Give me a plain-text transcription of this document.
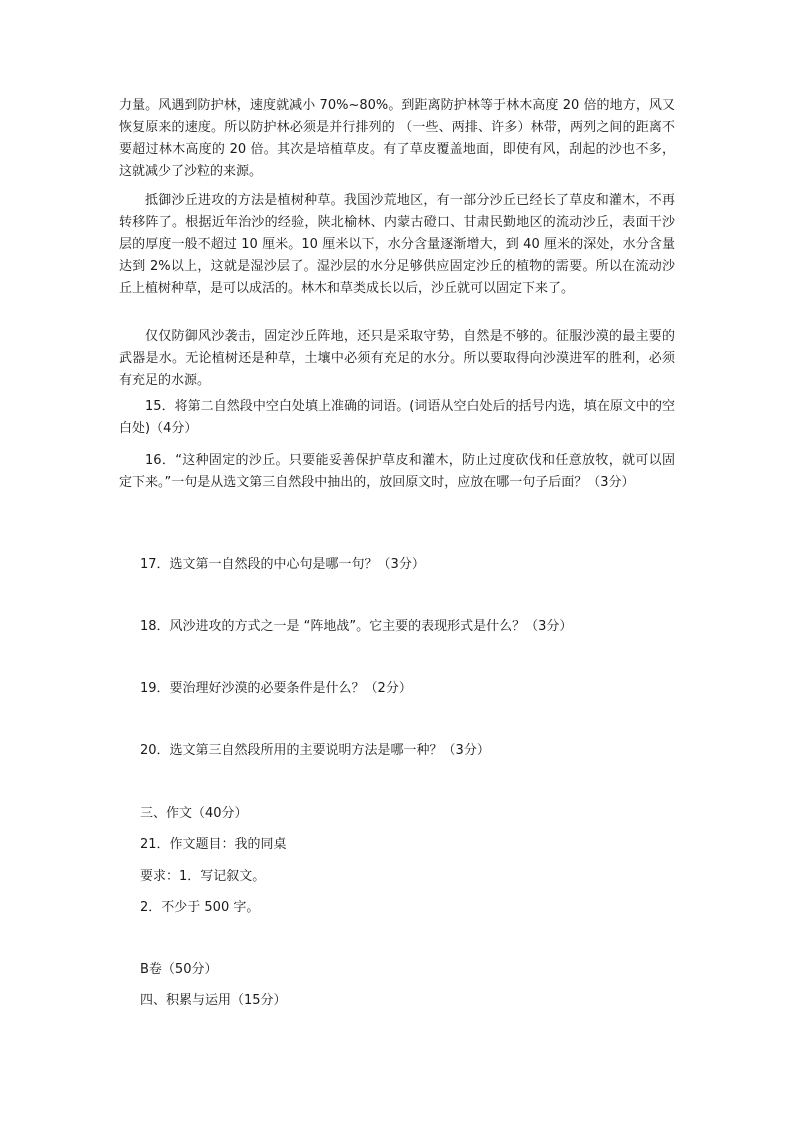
力量。风遇到防护林，速度就减小 70%~80%。到距离防护林等于林木高度 20 倍的地方，风又恢复原来的速度。所以防护林必须是并行排列的 （一些、两排、许多）林带，两列之间的距离不要超过林木高度的 20 倍。其次是培植草皮。有了草皮覆盖地面，即使有风，刮起的沙也不多，这就减少了沙粒的来源。

抵御沙丘进攻的方法是植树种草。我国沙荒地区，有一部分沙丘已经长了草皮和灌木，不再转移阵了。根据近年治沙的经验，陕北榆林、内蒙古磴口、甘肃民勤地区的流动沙丘，表面干沙层的厚度一般不超过 10 厘米。10 厘米以下，水分含量逐渐增大，到 40 厘米的深处，水分含量达到 2%以上，这就是湿沙层了。湿沙层的水分足够供应固定沙丘的植物的需要。所以在流动沙丘上植树种草，是可以成活的。林木和草类成长以后，沙丘就可以固定下来了。

仅仅防御风沙袭击，固定沙丘阵地，还只是采取守势，自然是不够的。征服沙漠的最主要的武器是水。无论植树还是种草，土壤中必须有充足的水分。所以要取得向沙漠进军的胜利，必须有充足的水源。

15．将第二自然段中空白处填上准确的词语。(词语从空白处后的括号内选，填在原文中的空白处)（4分）

16．“这种固定的沙丘。只要能妥善保护草皮和灌木，防止过度砍伐和任意放牧，就可以固定下来。”一句是从选文第三自然段中抽出的，放回原文时，应放在哪一句子后面？（3分）

17．选文第一自然段的中心句是哪一句？（3分）

18．风沙进攻的方式之一是 “阵地战”。它主要的表现形式是什么？（3分）

19．要治理好沙漠的必要条件是什么？（2分）

20．选文第三自然段所用的主要说明方法是哪一种？（3分）

三、作文（40分）

21．作文题目：我的同桌

要求：1．写记叙文。

2．不少于 500 字。

B卷（50分）

四、积累与运用（15分）
